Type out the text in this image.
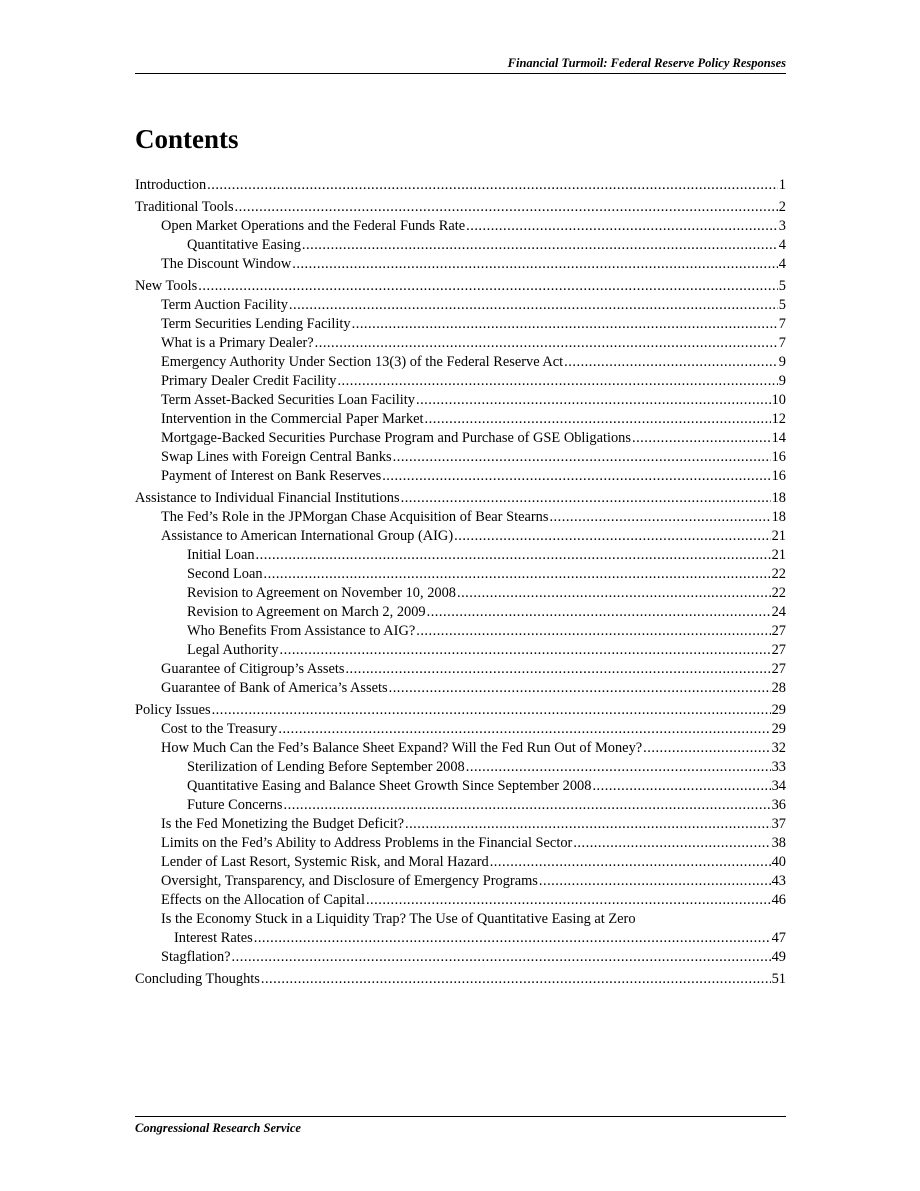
Financial Turmoil: Federal Reserve Policy Responses
Contents
Introduction .....	1
Traditional Tools .....	2
Open Market Operations and the Federal Funds Rate .....	3
Quantitative Easing .....	4
The Discount Window .....	4
New Tools .....	5
Term Auction Facility .....	5
Term Securities Lending Facility .....	7
What is a Primary Dealer? .....	7
Emergency Authority Under Section 13(3) of the Federal Reserve Act .....	9
Primary Dealer Credit Facility .....	9
Term Asset-Backed Securities Loan Facility .....	10
Intervention in the Commercial Paper Market .....	12
Mortgage-Backed Securities Purchase Program and Purchase of GSE Obligations .....	14
Swap Lines with Foreign Central Banks .....	16
Payment of Interest on Bank Reserves .....	16
Assistance to Individual Financial Institutions .....	18
The Fed’s Role in the JPMorgan Chase Acquisition of Bear Stearns .....	18
Assistance to American International Group (AIG) .....	21
Initial Loan .....	21
Second Loan .....	22
Revision to Agreement on November 10, 2008 .....	22
Revision to Agreement on March 2, 2009 .....	24
Who Benefits From Assistance to AIG? .....	27
Legal Authority .....	27
Guarantee of Citigroup’s Assets .....	27
Guarantee of Bank of America’s Assets .....	28
Policy Issues .....	29
Cost to the Treasury .....	29
How Much Can the Fed’s Balance Sheet Expand? Will the Fed Run Out of Money? .....	32
Sterilization of Lending Before September 2008 .....	33
Quantitative Easing and Balance Sheet Growth Since September 2008 .....	34
Future Concerns .....	36
Is the Fed Monetizing the Budget Deficit? .....	37
Limits on the Fed’s Ability to Address Problems in the Financial Sector .....	38
Lender of Last Resort, Systemic Risk, and Moral Hazard .....	40
Oversight, Transparency, and Disclosure of Emergency Programs .....	43
Effects on the Allocation of Capital .....	46
Is the Economy Stuck in a Liquidity Trap? The Use of Quantitative Easing at Zero
Interest Rates .....	47
Stagflation? .....	49
Concluding Thoughts .....	51
Congressional Research Service
